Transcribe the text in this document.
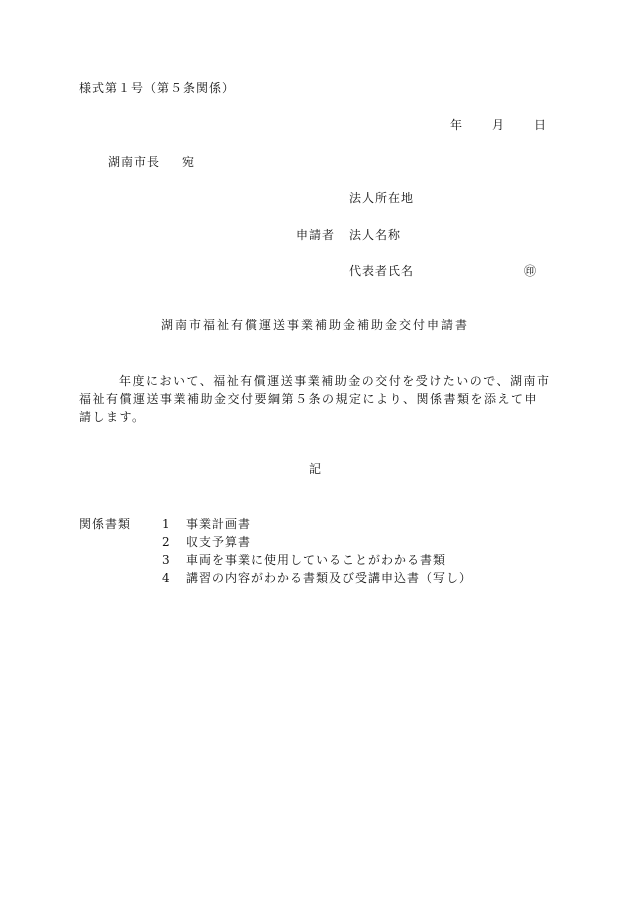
様式第１号（第５条関係）
年	月	日
湖南市長 宛
法人所在地
申請者 法人名称
代表者氏名	㊞
湖南市福祉有償運送事業補助金補助金交付申請書
年度において、福祉有償運送事業補助金の交付を受けたいので、湖南市福祉有償運送事業補助金交付要綱第５条の規定により、関係書類を添えて申請します。
記
関係書類	1 事業計画書
2 収支予算書
3 車両を事業に使用していることがわかる書類
4 講習の内容がわかる書類及び受講申込書（写し）
